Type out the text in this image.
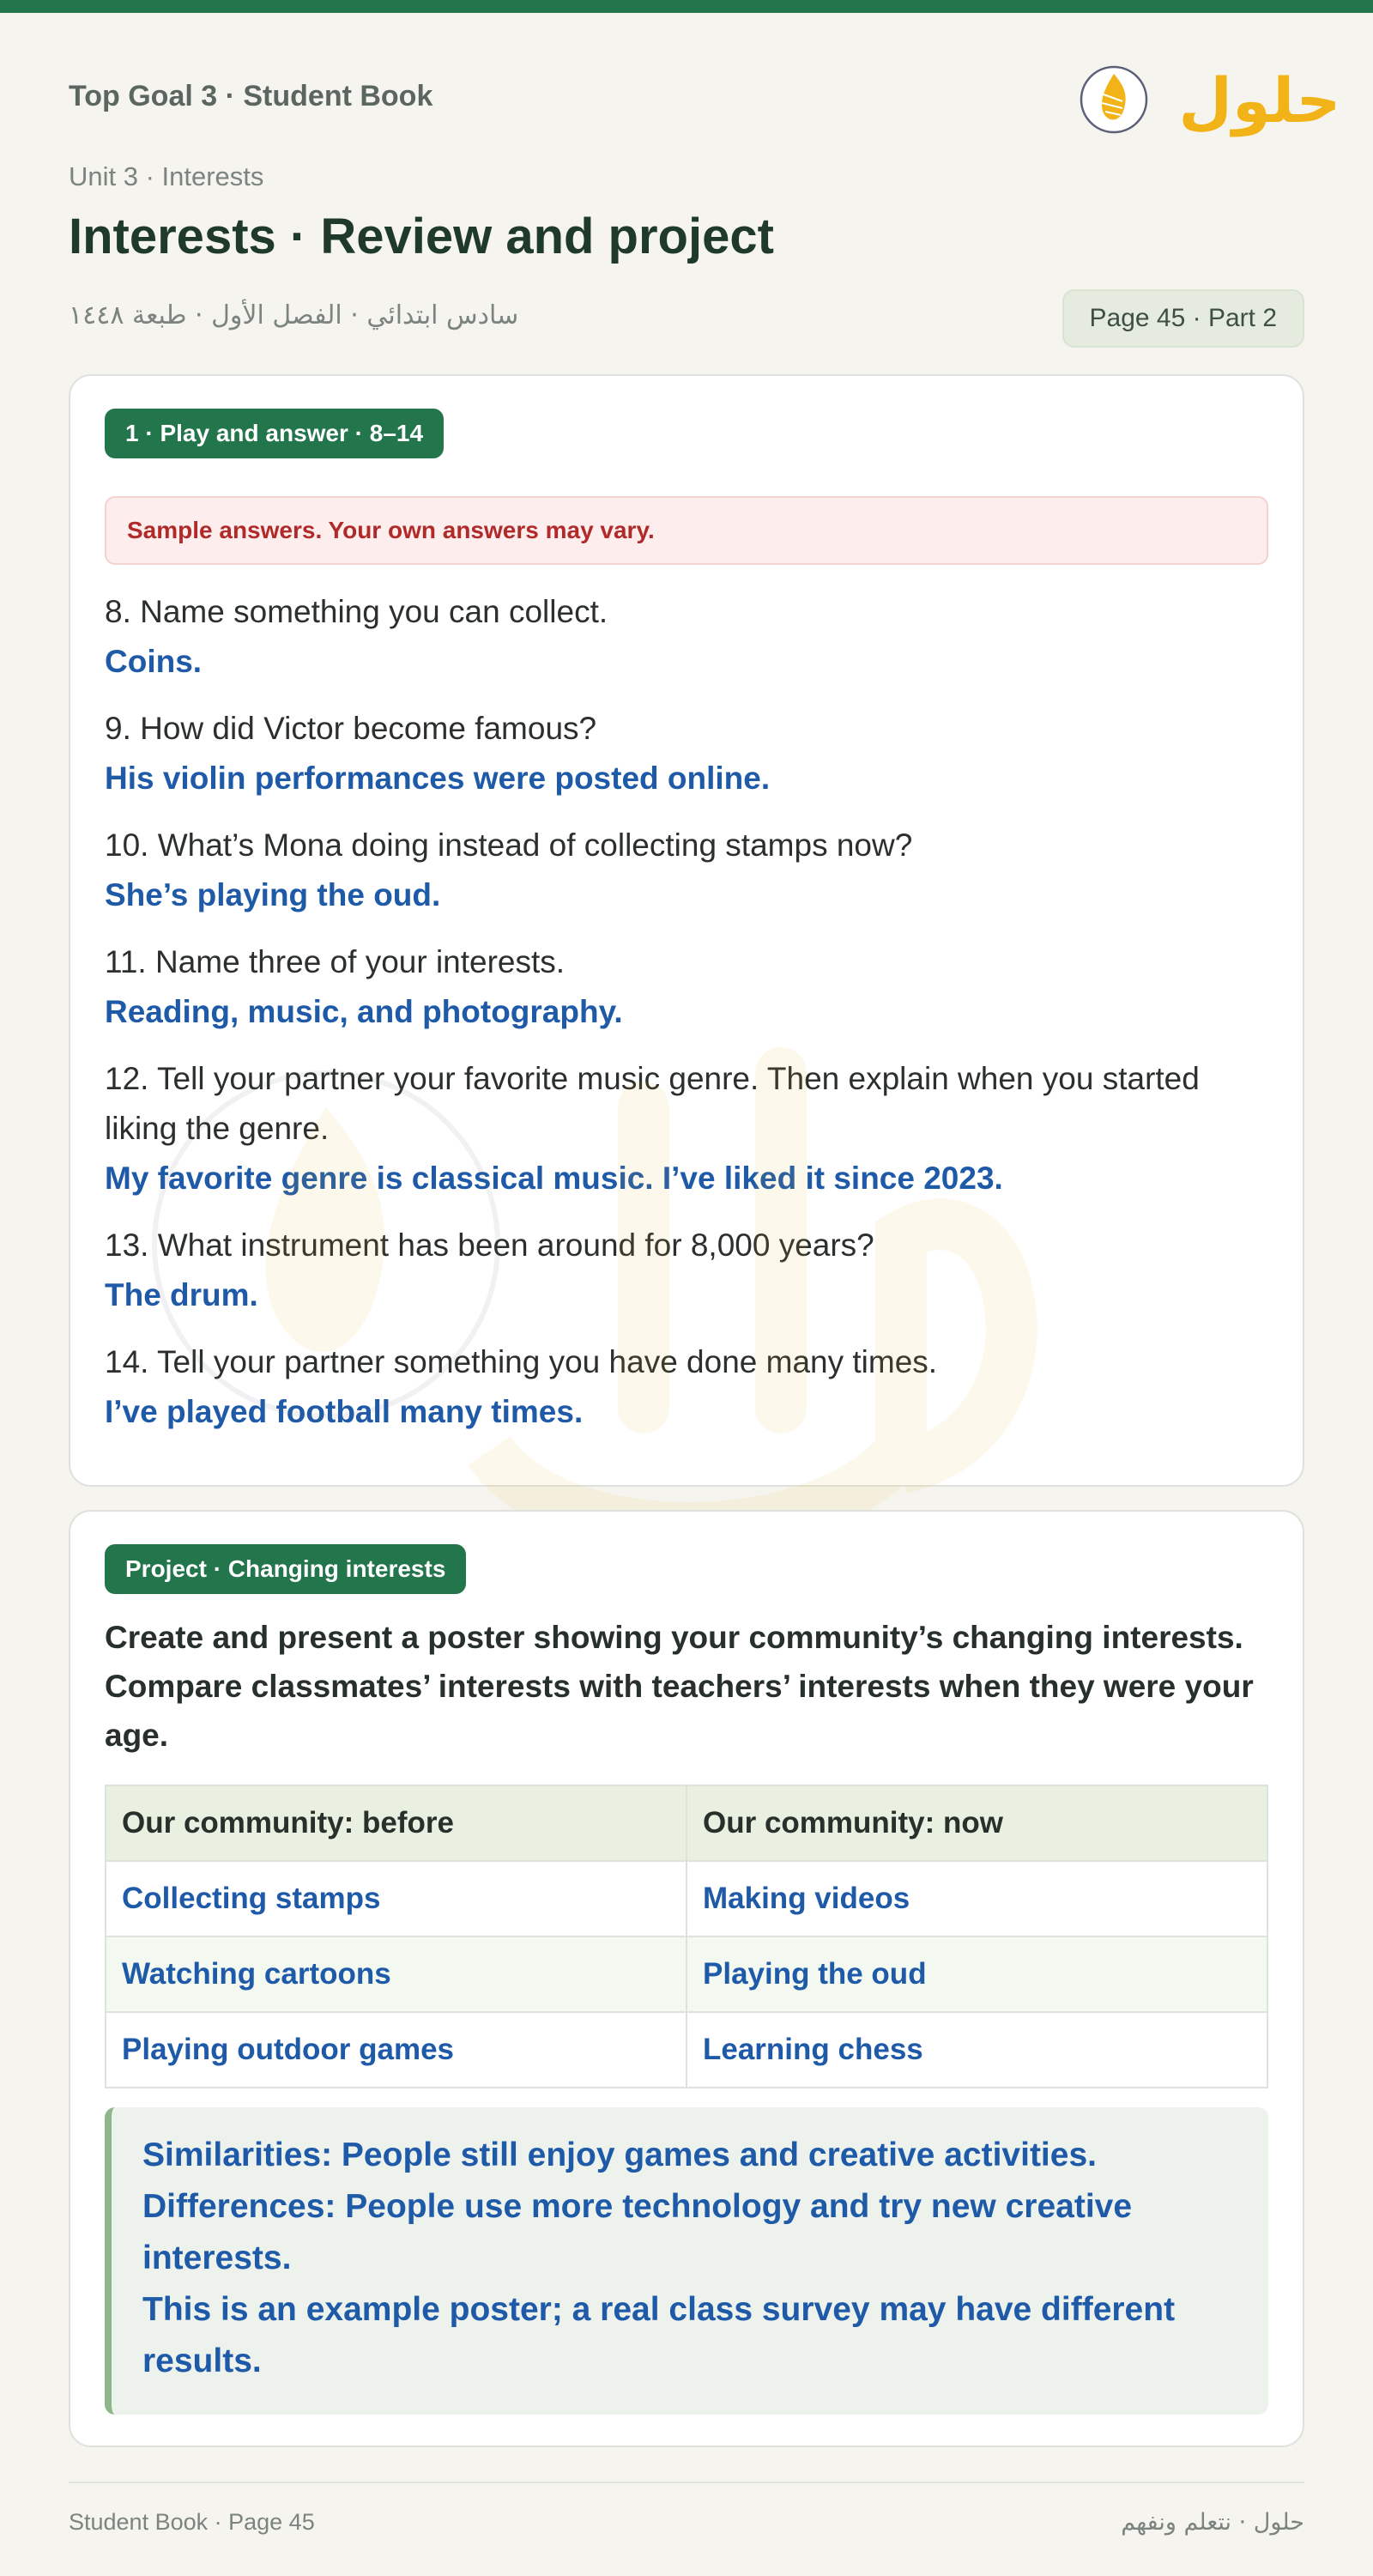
Top Goal 3 · Student Book	حلول
Unit 3 · Interests
Interests · Review and project
سادس ابتدائي · الفصل الأول · طبعة ١٤٤٨	Page 45 · Part 2
1 · Play and answer · 8–14
Sample answers. Your own answers may vary.
8. Name something you can collect.
Coins.
9. How did Victor become famous?
His violin performances were posted online.
10. What’s Mona doing instead of collecting stamps now?
She’s playing the oud.
11. Name three of your interests.
Reading, music, and photography.
12. Tell your partner your favorite music genre. Then explain when you started liking the genre.
My favorite genre is classical music. I’ve liked it since 2023.
13. What instrument has been around for 8,000 years?
The drum.
14. Tell your partner something you have done many times.
I’ve played football many times.
Project · Changing interests
Create and present a poster showing your community’s changing interests. Compare classmates’ interests with teachers’ interests when they were your age.
Our community: before	Our community: now
Collecting stamps	Making videos
Watching cartoons	Playing the oud
Playing outdoor games	Learning chess
Similarities: People still enjoy games and creative activities.
Differences: People use more technology and try new creative interests.
This is an example poster; a real class survey may have different results.
Student Book · Page 45	حلول · نتعلم ونفهم
